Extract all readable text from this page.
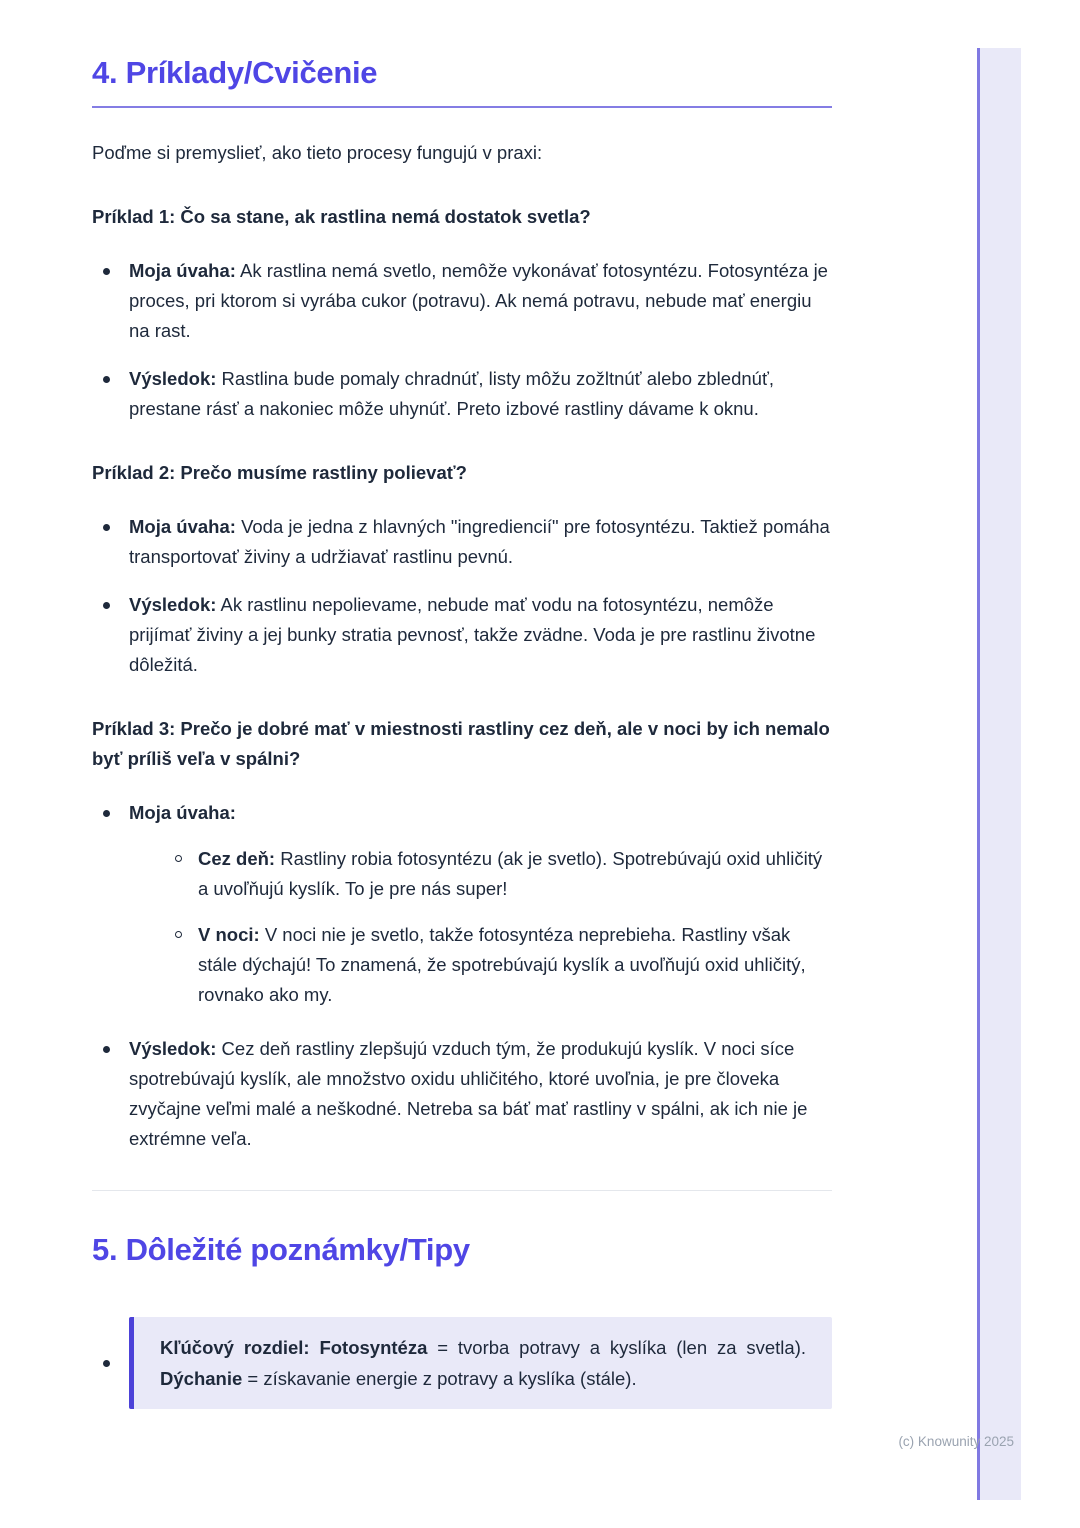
4. Príklady/Cvičenie

Poďme si premyslieť, ako tieto procesy fungujú v praxi:

Príklad 1: Čo sa stane, ak rastlina nemá dostatok svetla?

Moja úvaha: Ak rastlina nemá svetlo, nemôže vykonávať fotosyntézu. Fotosyntéza je proces, pri ktorom si vyrába cukor (potravu). Ak nemá potravu, nebude mať energiu na rast.

Výsledok: Rastlina bude pomaly chradnúť, listy môžu zožltnúť alebo zblednúť, prestane rásť a nakoniec môže uhynúť. Preto izbové rastliny dávame k oknu.

Príklad 2: Prečo musíme rastliny polievať?

Moja úvaha: Voda je jedna z hlavných "ingrediencií" pre fotosyntézu. Taktiež pomáha transportovať živiny a udržiavať rastlinu pevnú.

Výsledok: Ak rastlinu nepolievame, nebude mať vodu na fotosyntézu, nemôže prijímať živiny a jej bunky stratia pevnosť, takže zvädne. Voda je pre rastlinu životne dôležitá.

Príklad 3: Prečo je dobré mať v miestnosti rastliny cez deň, ale v noci by ich nemalo byť príliš veľa v spálni?

Moja úvaha:

Cez deň: Rastliny robia fotosyntézu (ak je svetlo). Spotrebúvajú oxid uhličitý a uvoľňujú kyslík. To je pre nás super!

V noci: V noci nie je svetlo, takže fotosyntéza neprebieha. Rastliny však stále dýchajú! To znamená, že spotrebúvajú kyslík a uvoľňujú oxid uhličitý, rovnako ako my.

Výsledok: Cez deň rastliny zlepšujú vzduch tým, že produkujú kyslík. V noci síce spotrebúvajú kyslík, ale množstvo oxidu uhličitého, ktoré uvoľnia, je pre človeka zvyčajne veľmi malé a neškodné. Netreba sa báť mať rastliny v spálni, ak ich nie je extrémne veľa.

5. Dôležité poznámky/Tipy
Kľúčový rozdiel: Fotosyntéza = tvorba potravy a kyslíka (len za svetla). Dýchanie = získavanie energie z potravy a kyslíka (stále).
(c) Knowunity 2025
